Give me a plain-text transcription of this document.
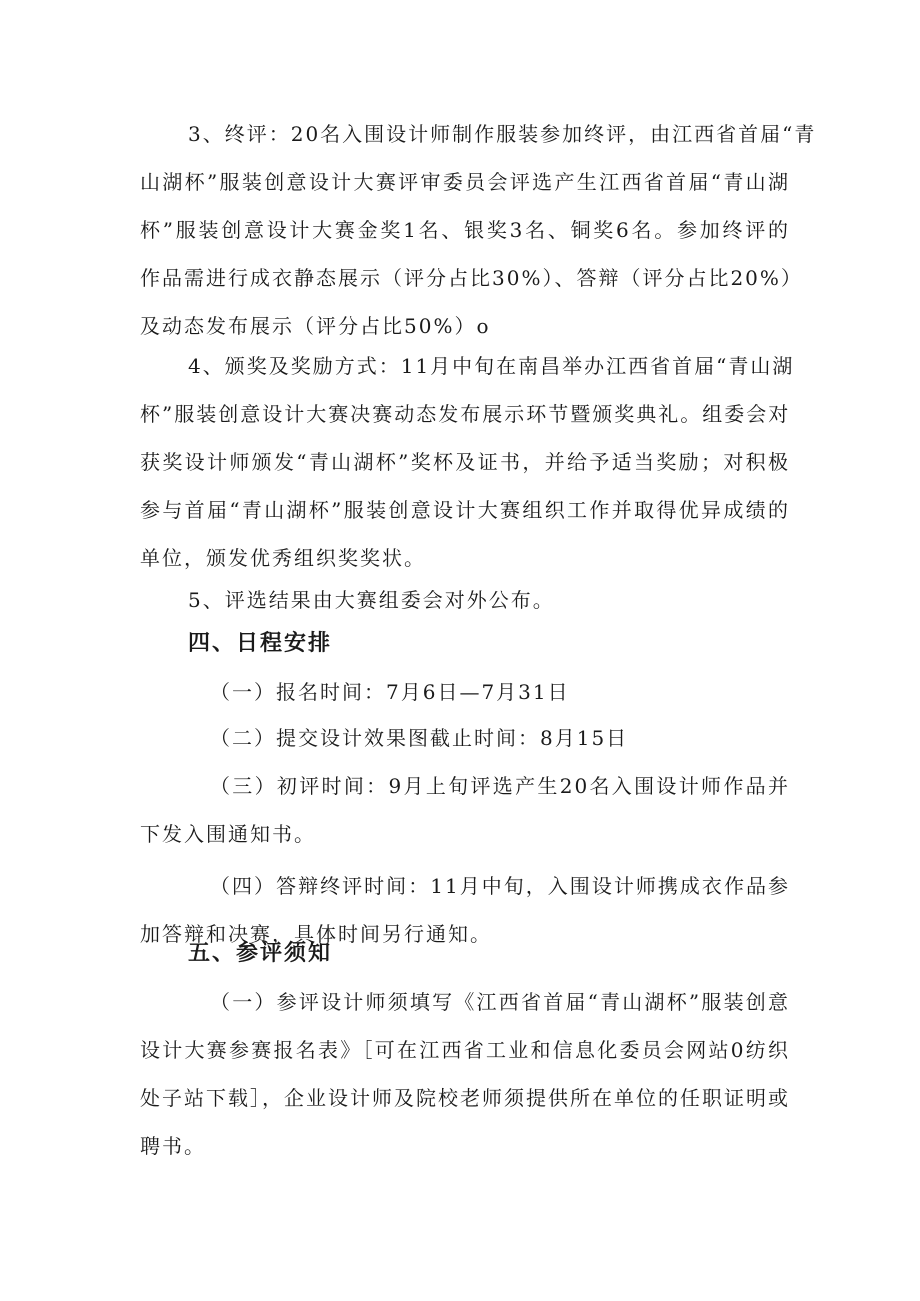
3、终评：20名入围设计师制作服装参加终评，由江西省首届“青
山湖杯”服装创意设计大赛评审委员会评选产生江西省首届“青山湖
杯”服装创意设计大赛金奖1名、银奖3名、铜奖6名。参加终评的
作品需进行成衣静态展示（评分占比30%）、答辩（评分占比20%）
及动态发布展示（评分占比50%）o
4、颁奖及奖励方式：11月中旬在南昌举办江西省首届“青山湖
杯”服装创意设计大赛决赛动态发布展示环节暨颁奖典礼。组委会对
获奖设计师颁发“青山湖杯”奖杯及证书，并给予适当奖励；对积极
参与首届“青山湖杯”服装创意设计大赛组织工作并取得优异成绩的
单位，颁发优秀组织奖奖状。
5、评选结果由大赛组委会对外公布。
四、日程安排
（一）报名时间：7月6日—7月31日
（二）提交设计效果图截止时间：8月15日
（三）初评时间：9月上旬评选产生20名入围设计师作品并
下发入围通知书。
（四）答辩终评时间：11月中旬，入围设计师携成衣作品参
加答辩和决赛，具体时间另行通知。
五、参评须知
（一）参评设计师须填写《江西省首届“青山湖杯”服装创意
设计大赛参赛报名表》［可在江西省工业和信息化委员会网站0纺织
处子站下载］，企业设计师及院校老师须提供所在单位的任职证明或
聘书。
